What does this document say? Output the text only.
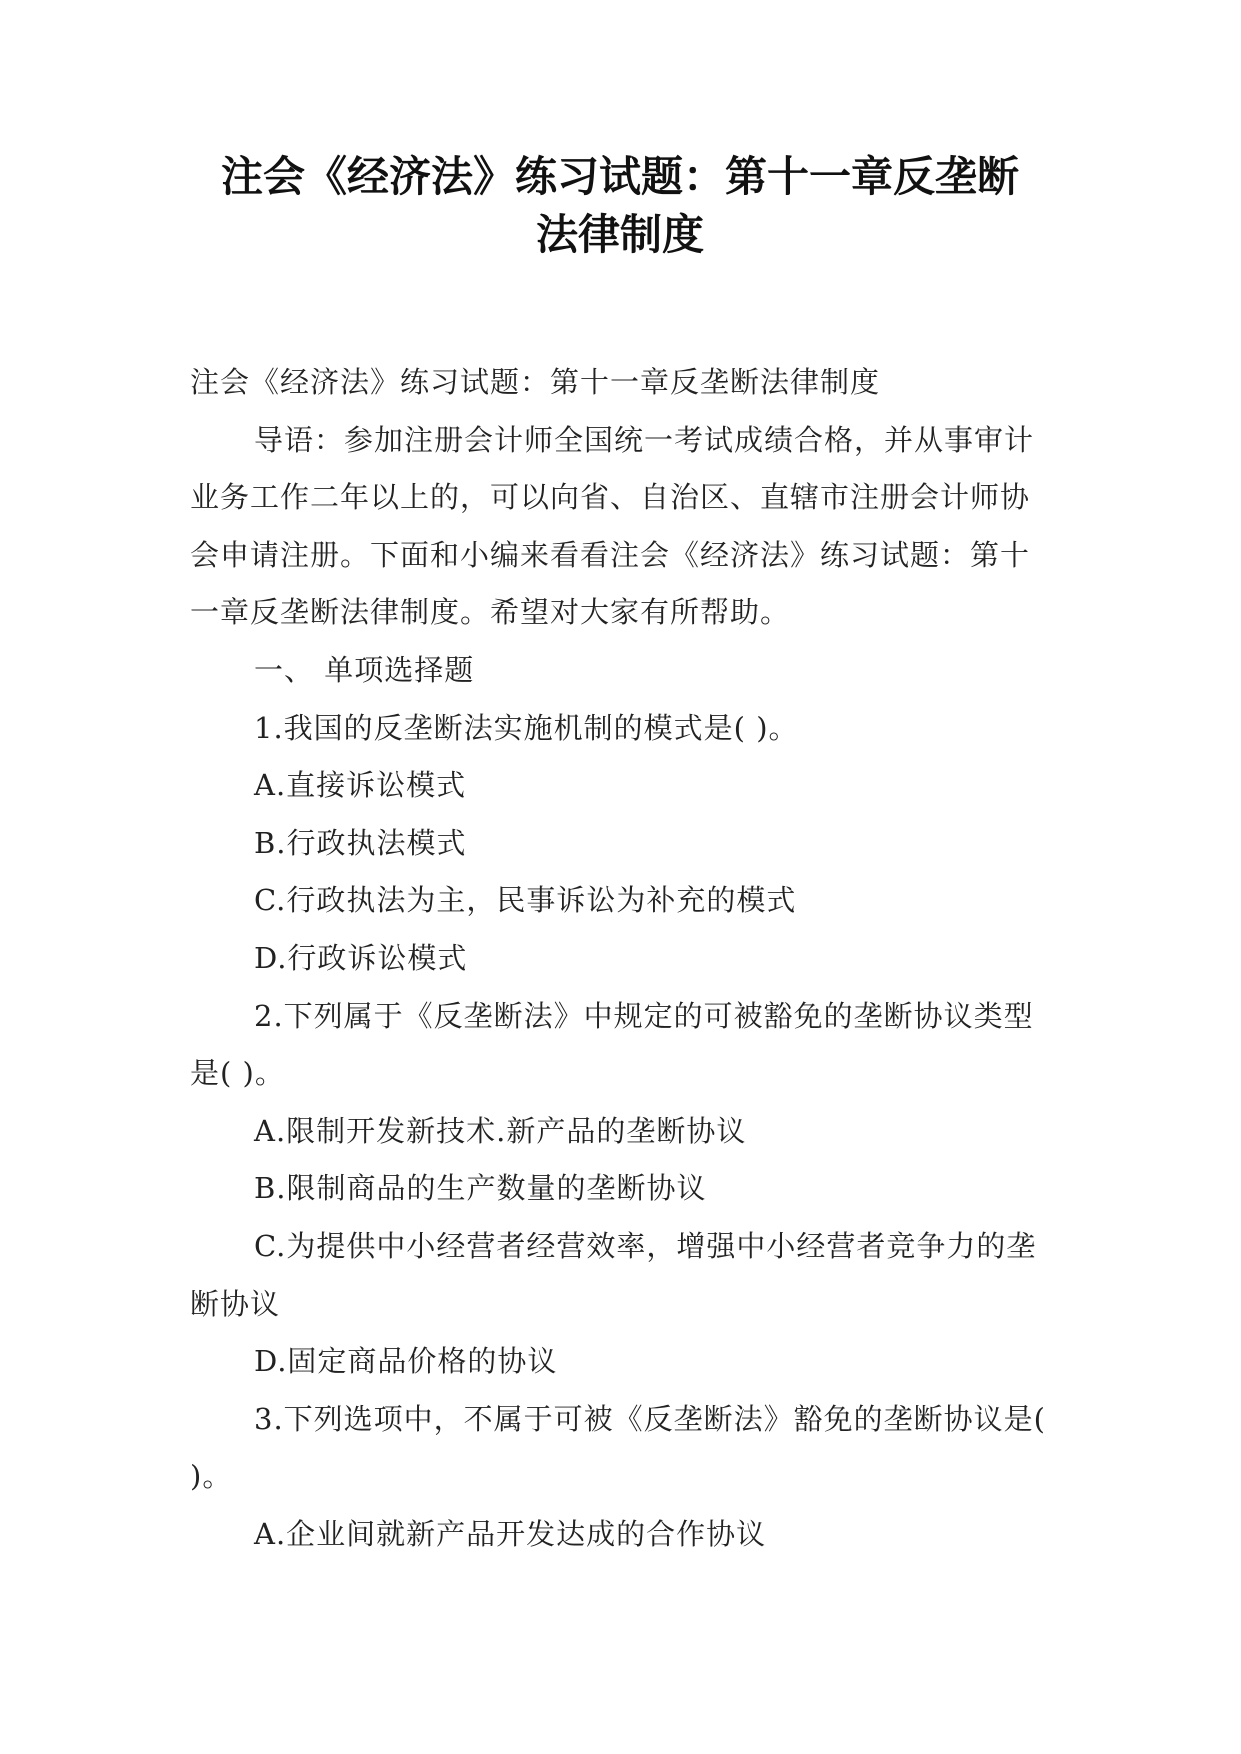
注会《经济法》练习试题：第十一章反垄断
法律制度

注会《经济法》练习试题：第十一章反垄断法律制度

导语：参加注册会计师全国统一考试成绩合格，并从事审计业务工作二年以上的，可以向省、自治区、直辖市注册会计师协会申请注册。下面和小编来看看注会《经济法》练习试题：第十一章反垄断法律制度。希望对大家有所帮助。

一、 单项选择题

1.我国的反垄断法实施机制的模式是( )。

A.直接诉讼模式

B.行政执法模式

C.行政执法为主，民事诉讼为补充的模式

D.行政诉讼模式

2.下列属于《反垄断法》中规定的可被豁免的垄断协议类型是( )。

A.限制开发新技术.新产品的垄断协议

B.限制商品的生产数量的垄断协议

C.为提供中小经营者经营效率，增强中小经营者竞争力的垄断协议

D.固定商品价格的协议

3.下列选项中，不属于可被《反垄断法》豁免的垄断协议是( )。

A.企业间就新产品开发达成的合作协议
